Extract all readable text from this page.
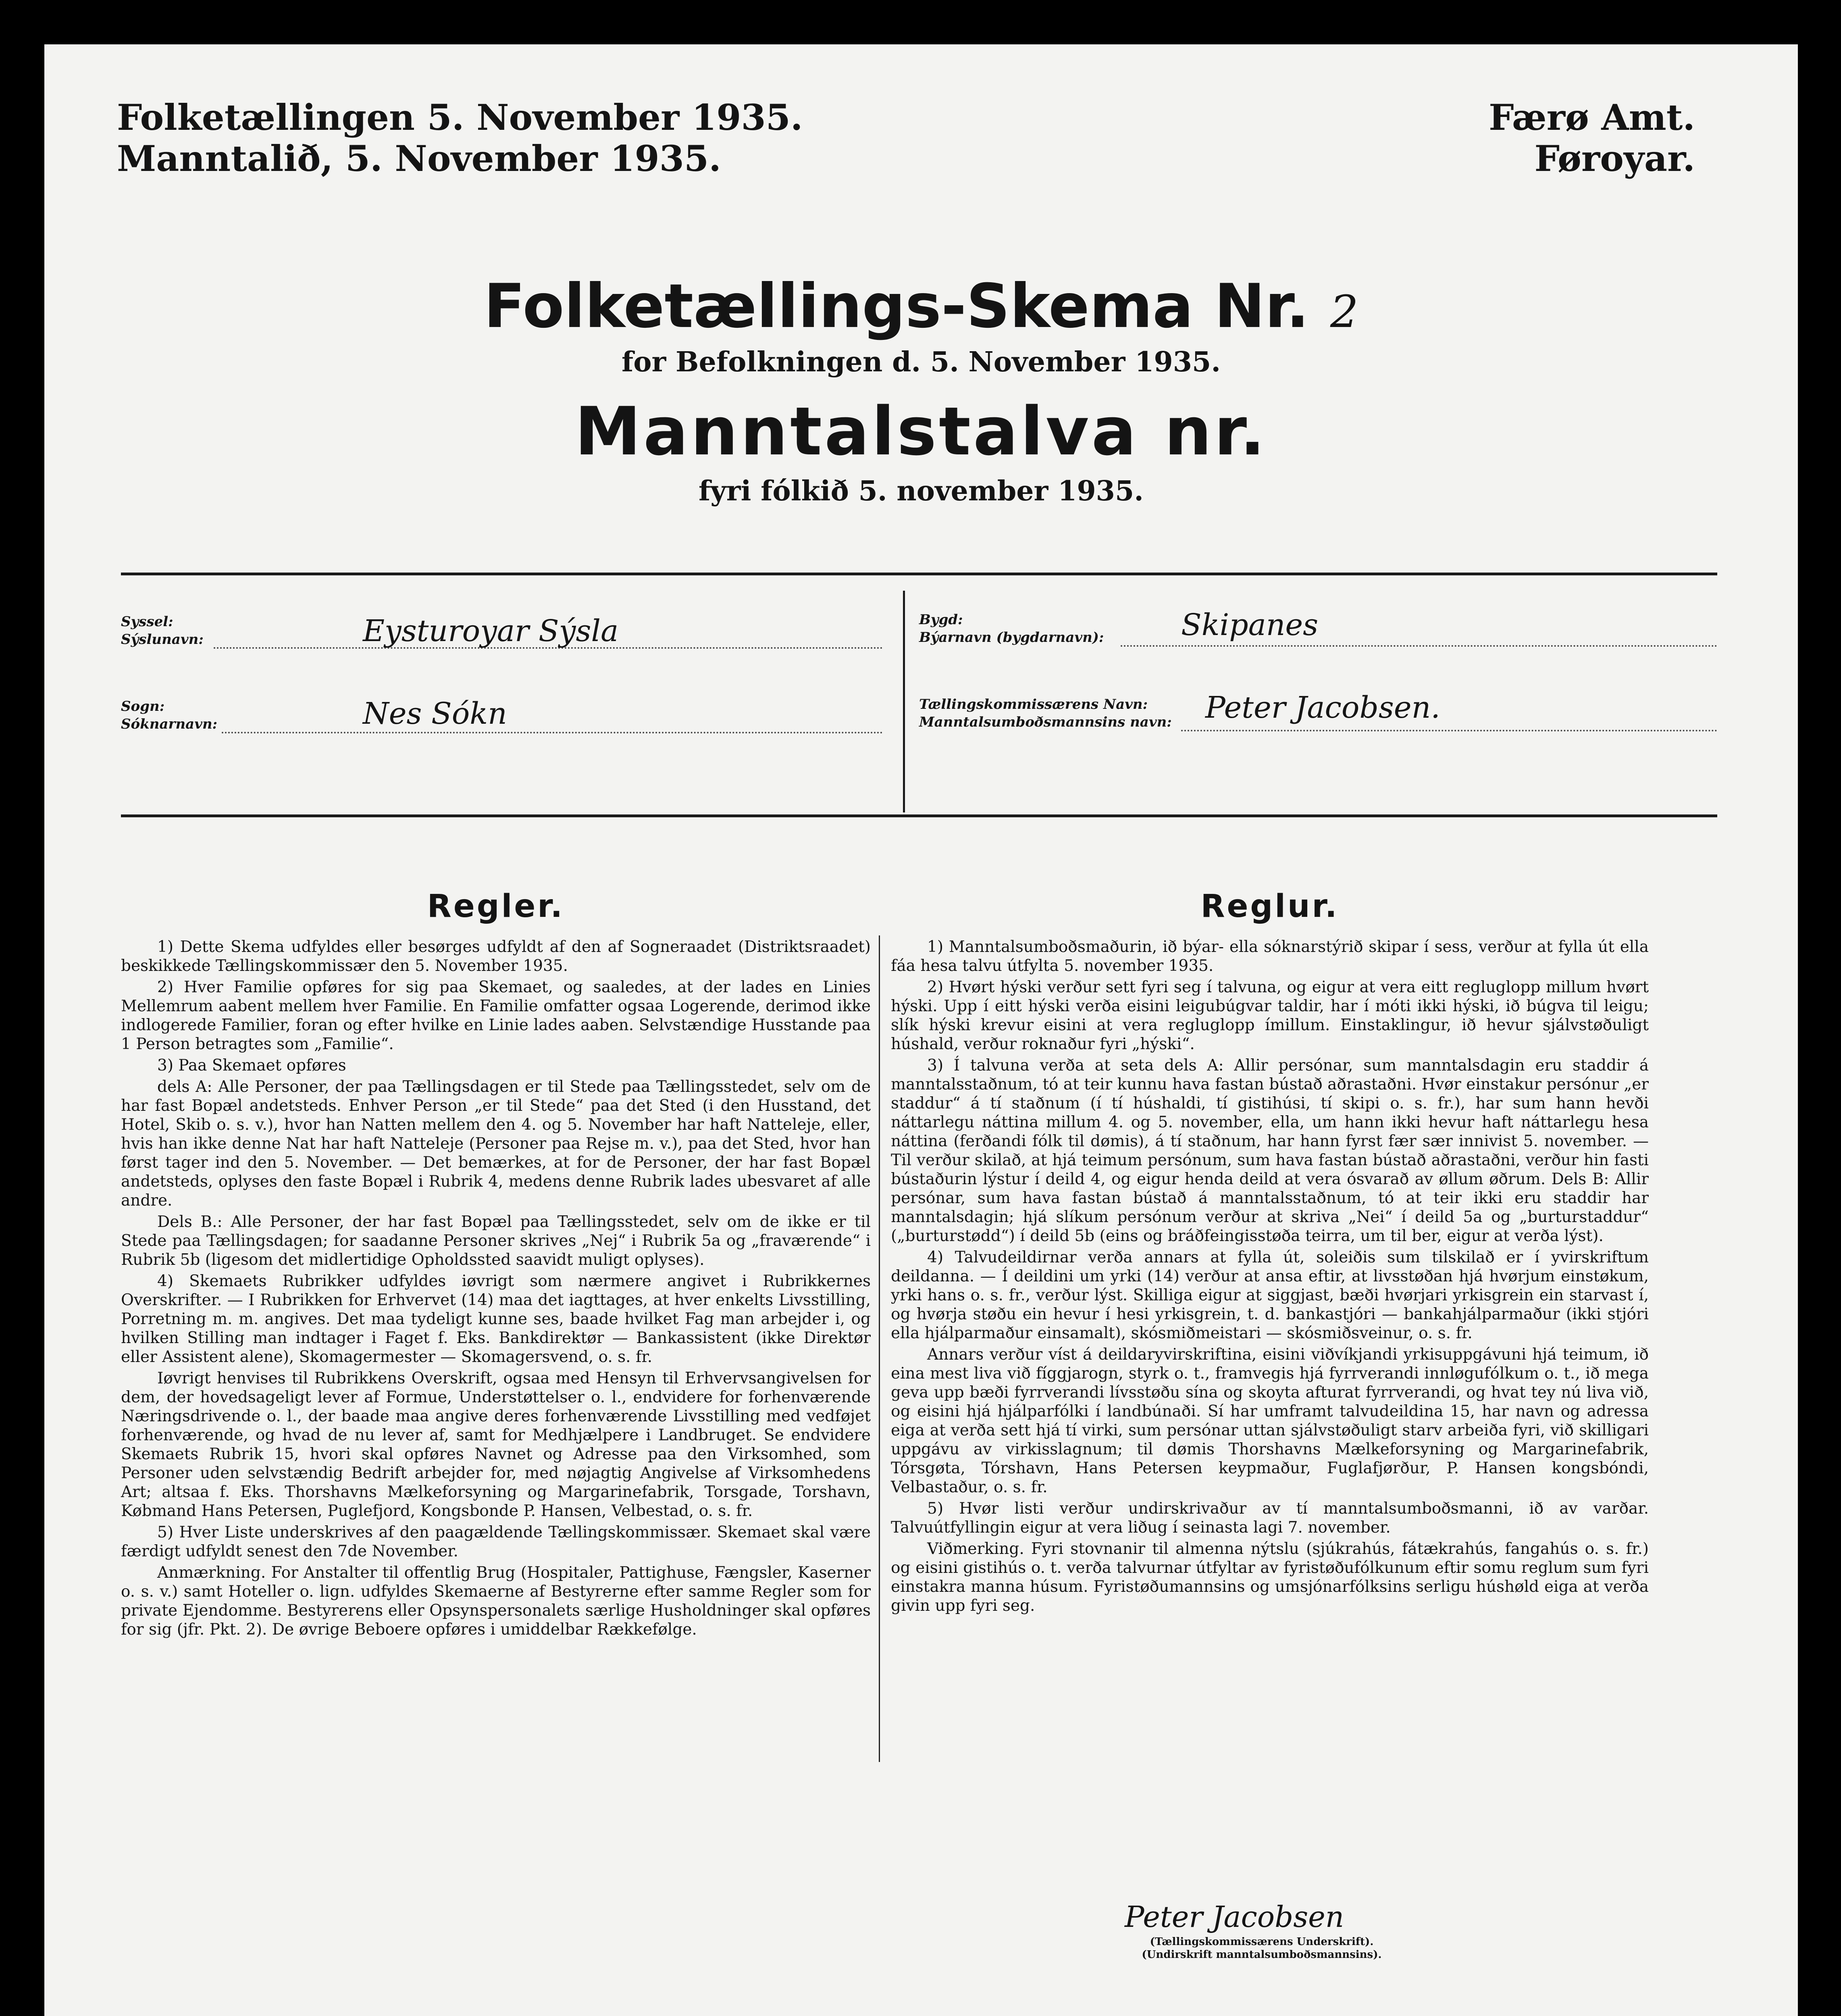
Folketællingen 5. November 1935.
Manntalið, 5. November 1935.
Færø Amt.
Føroyar.
Folketællings-Skema Nr. 2
for Befolkningen d. 5. November 1935.
Manntalstalva nr.
fyri fólkið 5. november 1935.
Syssel:
Sýslunavn:	Eysturoyar Sýsla
Sogn:
Sóknarnavn:	Nes Sókn
Bygd:
Býarnavn (bygdarnavn):	Skipanes
Tællingskommissærens Navn:
Manntalsumboðsmannsins navn: Peter Jacobsen.
Regler.

1) Dette Skema udfyldes eller besørges udfyldt af den af Sogneraadet (Distriktsraadet) beskikkede Tællingskommissær den 5. November 1935.

2) Hver Familie opføres for sig paa Skemaet, og saaledes, at der lades en Linies Mellemrum aabent mellem hver Familie. En Familie omfatter ogsaa Logerende, derimod ikke indlogerede Familier, foran og efter hvilke en Linie lades aaben. Selvstændige Husstande paa 1 Person betragtes som „Familie“.

3) Paa Skemaet opføres

dels A: Alle Personer, der paa Tællingsdagen er til Stede paa Tællingsstedet, selv om de har fast Bopæl andetsteds. Enhver Person „er til Stede“ paa det Sted (i den Husstand, det Hotel, Skib o. s. v.), hvor han Natten mellem den 4. og 5. November har haft Natteleje, eller, hvis han ikke denne Nat har haft Natteleje (Personer paa Rejse m. v.), paa det Sted, hvor han først tager ind den 5. November. — Det bemærkes, at for de Personer, der har fast Bopæl andetsteds, oplyses den faste Bopæl i Rubrik 4, medens denne Rubrik lades ubesvaret af alle andre.

Dels B.: Alle Personer, der har fast Bopæl paa Tællingsstedet, selv om de ikke er til Stede paa Tællingsdagen; for saadanne Personer skrives „Nej“ i Rubrik 5a og „fraværende“ i Rubrik 5b (ligesom det midlertidige Opholdssted saavidt muligt oplyses).

4) Skemaets Rubrikker udfyldes iøvrigt som nærmere angivet i Rubrikkernes Overskrifter. — I Rubrikken for Erhvervet (14) maa det iagttages, at hver enkelts Livsstilling, Porretning m. m. angives. Det maa tydeligt kunne ses, baade hvilket Fag man arbejder i, og hvilken Stilling man indtager i Faget f. Eks. Bankdirektør — Bankassistent (ikke Direktør eller Assistent alene), Skomagermester — Skomagersvend, o. s. fr.

Iøvrigt henvises til Rubrikkens Overskrift, ogsaa med Hensyn til Erhvervsangivelsen for dem, der hovedsageligt lever af Formue, Understøttelser o. l., endvidere for forhenværende Næringsdrivende o. l., der baade maa angive deres forhenværende Livsstilling med vedføjet forhenværende, og hvad de nu lever af, samt for Medhjælpere i Landbruget. Se endvidere Skemaets Rubrik 15, hvori skal opføres Navnet og Adresse paa den Virksomhed, som Personer uden selvstændig Bedrift arbejder for, med nøjagtig Angivelse af Virksomhedens Art; altsaa f. Eks. Thorshavns Mælkeforsyning og Margarinefabrik, Torsgade, Torshavn, Købmand Hans Petersen, Puglefjord, Kongsbonde P. Hansen, Velbestad, o. s. fr.

5) Hver Liste underskrives af den paagældende Tællingskommissær. Skemaet skal være færdigt udfyldt senest den 7de November.

Anmærkning. For Anstalter til offentlig Brug (Hospitaler, Pattighuse, Fængsler, Kaserner o. s. v.) samt Hoteller o. lign. udfyldes Skemaerne af Bestyrerne efter samme Regler som for private Ejendomme. Bestyrerens eller Opsynspersonalets særlige Husholdninger skal opføres for sig (jfr. Pkt. 2). De øvrige Beboere opføres i umiddelbar Rækkefølge.

Reglur.

1) Manntalsumboðsmaðurin, ið býar- ella sóknarstýrið skipar í sess, verður at fylla út ella fáa hesa talvu útfylta 5. november 1935.

2) Hvørt hýski verður sett fyri seg í talvuna, og eigur at vera eitt regluglopp millum hvørt hýski. Upp í eitt hýski verða eisini leigubúgvar taldir, har í móti ikki hýski, ið búgva til leigu; slík hýski krevur eisini at vera regluglopp ímillum. Einstaklingur, ið hevur sjálvstøðuligt húshald, verður roknaður fyri „hýski“.

3) Í talvuna verða at seta dels A: Allir persónar, sum manntalsdagin eru staddir á manntalsstaðnum, tó at teir kunnu hava fastan bústað aðrastaðni. Hvør einstakur persónur „er staddur“ á tí staðnum (í tí húshaldi, tí gistihúsi, tí skipi o. s. fr.), har sum hann hevði náttarlegu náttina millum 4. og 5. november, ella, um hann ikki hevur haft náttarlegu hesa náttina (ferðandi fólk til dømis), á tí staðnum, har hann fyrst fær sær innivist 5. november. — Til verður skilað, at hjá teimum persónum, sum hava fastan bústað aðrastaðni, verður hin fasti bústaðurin lýstur í deild 4, og eigur henda deild at vera ósvarað av øllum øðrum. Dels B: Allir persónar, sum hava fastan bústað á manntalsstaðnum, tó at teir ikki eru staddir har manntalsdagin; hjá slíkum persónum verður at skriva „Nei“ í deild 5a og „burturstaddur“ („burturstødd“) í deild 5b (eins og bráðfeingisstøða teirra, um til ber, eigur at verða lýst).

4) Talvudeildirnar verða annars at fylla út, soleiðis sum tilskilað er í yvirskriftum deildanna. — Í deildini um yrki (14) verður at ansa eftir, at livsstøðan hjá hvørjum einstøkum, yrki hans o. s. fr., verður lýst. Skilliga eigur at siggjast, bæði hvørjari yrkisgrein ein starvast í, og hvørja støðu ein hevur í hesi yrkisgrein, t. d. bankastjóri — bankahjálparmaður (ikki stjóri ella hjálparmaður einsamalt), skósmiðmeistari — skósmiðsveinur, o. s. fr.

Annars verður víst á deildaryvirskriftina, eisini viðvíkjandi yrkisuppgávuni hjá teimum, ið eina mest liva við fíggjarogn, styrk o. t., framvegis hjá fyrrverandi innløgufólkum o. t., ið mega geva upp bæði fyrrverandi lívsstøðu sína og skoyta afturat fyrrverandi, og hvat tey nú liva við, og eisini hjá hjálparfólki í landbúnaði. Sí har umframt talvudeildina 15, har navn og adressa eiga at verða sett hjá tí virki, sum persónar uttan sjálvstøðuligt starv arbeiða fyri, við skilligari uppgávu av virkisslagnum; til dømis Thorshavns Mælkeforsyning og Margarinefabrik, Tórsgøta, Tórshavn, Hans Petersen keypmaður, Fuglafjørður, P. Hansen kongsbóndi, Velbastaður, o. s. fr.

5) Hvør listi verður undirskrivaður av tí manntalsumboðsmanni, ið av varðar. Talvuútfyllingin eigur at vera liðug í seinasta lagi 7. november.

Viðmerking. Fyri stovnanir til almenna nýtslu (sjúkrahús, fátækrahús, fangahús o. s. fr.) og eisini gistihús o. t. verða talvurnar útfyltar av fyristøðufólkunum eftir somu reglum sum fyri einstakra manna húsum. Fyristøðumannsins og umsjónarfólksins serligu húshøld eiga at verða givin upp fyri seg.

Peter Jacobsen
(Tællingskommissærens Underskrift).
(Undirskrift manntalsumboðsmannsins).
